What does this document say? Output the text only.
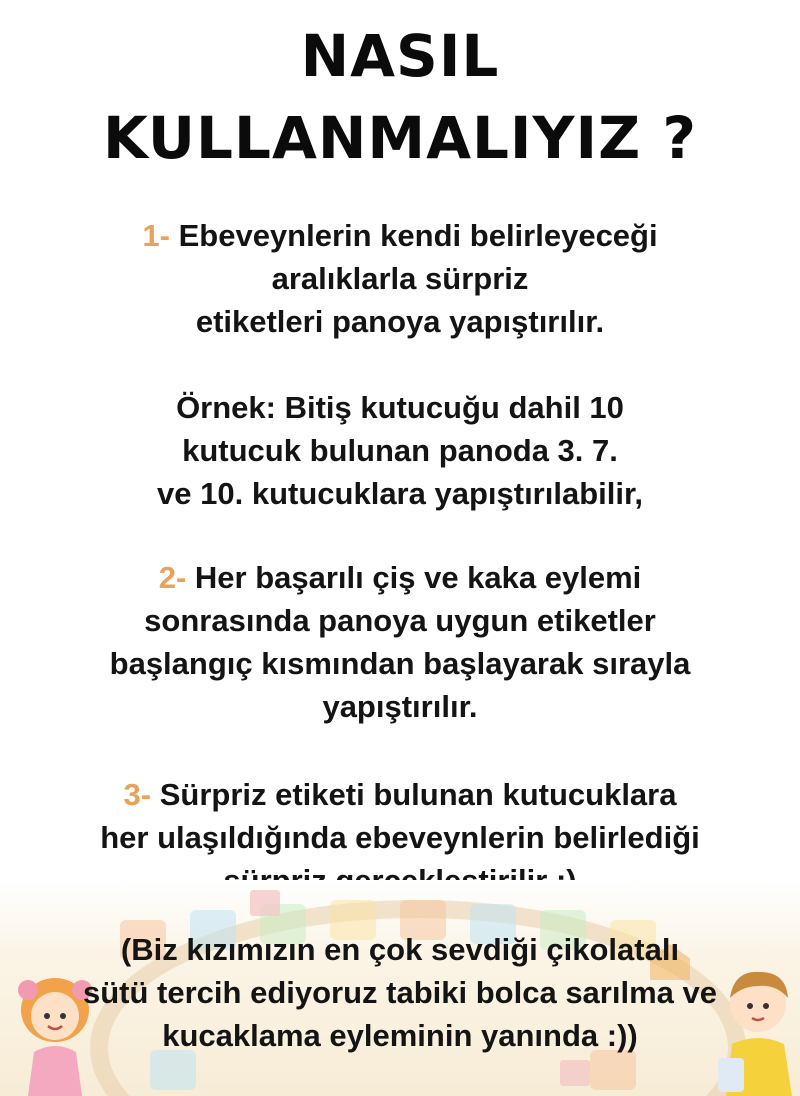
NASIL
KULLANMALIYIZ ?
1- Ebeveynlerin kendi belirleyeceği
aralıklarla sürpriz
etiketleri panoya yapıştırılır.
Örnek: Bitiş kutucuğu dahil 10
kutucuk bulunan panoda 3. 7.
ve 10. kutucuklara yapıştırılabilir,
2- Her başarılı çiş ve kaka eylemi
sonrasında panoya uygun etiketler
başlangıç kısmından başlayarak sırayla
yapıştırılır.
3- Sürpriz etiketi bulunan kutucuklara
her ulaşıldığında ebeveynlerin belirlediği
(Biz kızımızın en çok sevdiği çikolatalı
sütü tercih ediyoruz tabiki bolca sarılma ve
kucaklama eyleminin yanında :))
